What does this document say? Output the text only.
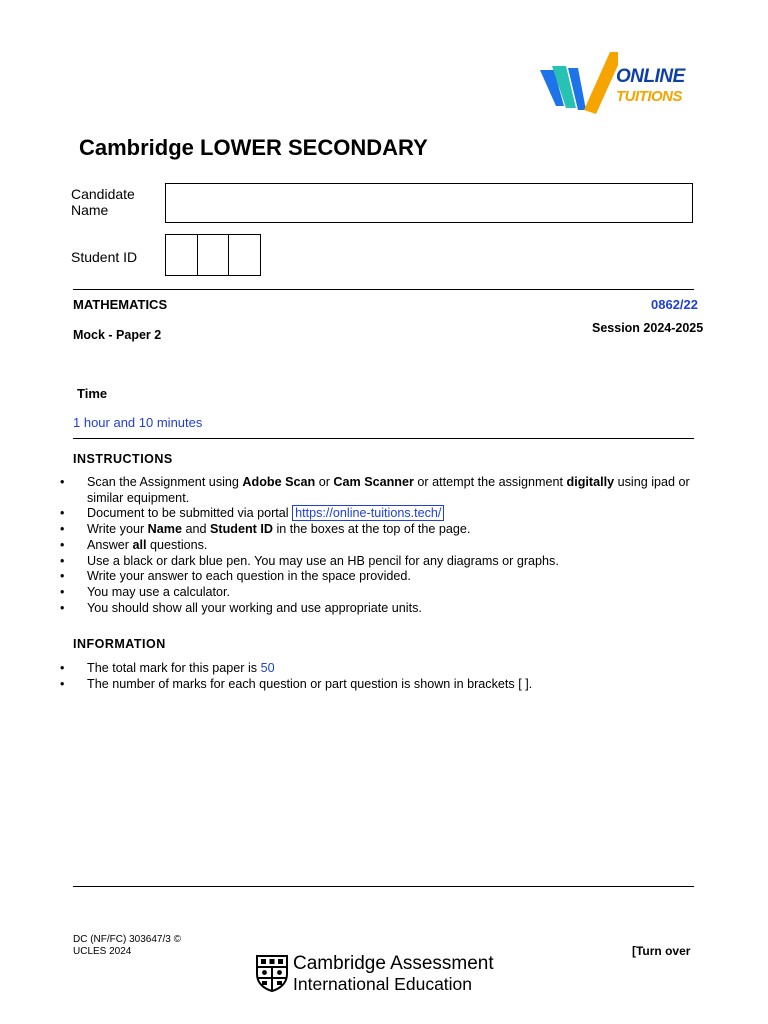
ONLINE
TUITIONS
Cambridge LOWER SECONDARY
Candidate
Name
Student ID
MATHEMATICS	0862/22
Mock - Paper 2	Session 2024-2025
Time
1 hour and 10 minutes
INSTRUCTIONS
• Scan the Assignment using Adobe Scan or Cam Scanner or attempt the assignment digitally using ipad or similar equipment.
• Document to be submitted via portal https://online-tuitions.tech/
• Write your Name and Student ID in the boxes at the top of the page.
• Answer all questions.
• Use a black or dark blue pen. You may use an HB pencil for any diagrams or graphs.
• Write your answer to each question in the space provided.
• You may use a calculator.
• You should show all your working and use appropriate units.
INFORMATION
• The total mark for this paper is 50
• The number of marks for each question or part question is shown in brackets [ ].
DC (NF/FC) 303647/3 ©
UCLES 2024
Cambridge Assessment
International Education
[Turn over
